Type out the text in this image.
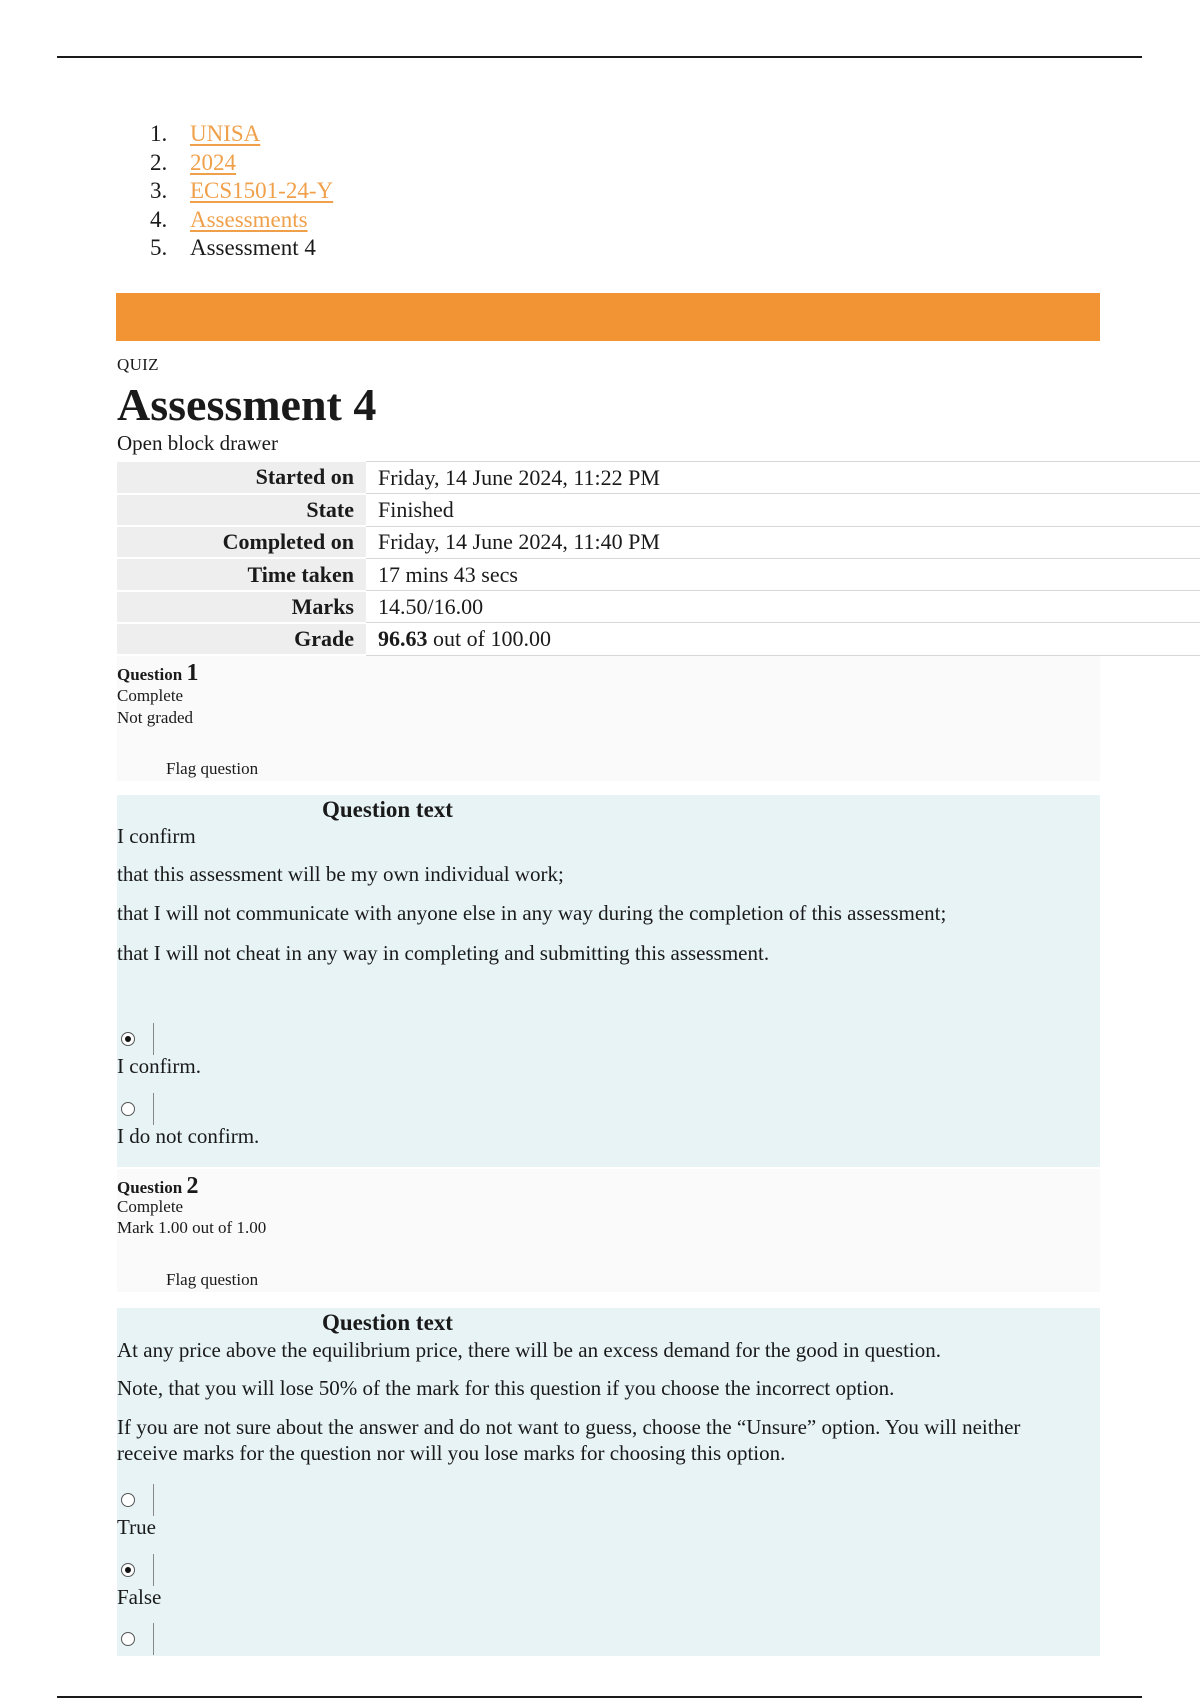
1. UNISA
2. 2024
3. ECS1501-24-Y
4. Assessments
5. Assessment 4
QUIZ
Assessment 4
Open block drawer
Started on	Friday, 14 June 2024, 11:22 PM
State	Finished
Completed on	Friday, 14 June 2024, 11:40 PM
Time taken	17 mins 43 secs
Marks	14.50/16.00
Grade	96.63 out of 100.00
Question 1
Complete
Not graded
Flag question
Question text

I confirm

that this assessment will be my own individual work;

that I will not communicate with anyone else in any way during the completion of this assessment;

that I will not cheat in any way in completing and submitting this assessment.

I confirm.
I do not confirm.
Question 2
Complete
Mark 1.00 out of 1.00
Flag question
Question text

At any price above the equilibrium price, there will be an excess demand for the good in question.

Note, that you will lose 50% of the mark for this question if you choose the incorrect option.

If you are not sure about the answer and do not want to guess, choose the “Unsure” option. You will neither receive marks for the question nor will you lose marks for choosing this option.

True
False
